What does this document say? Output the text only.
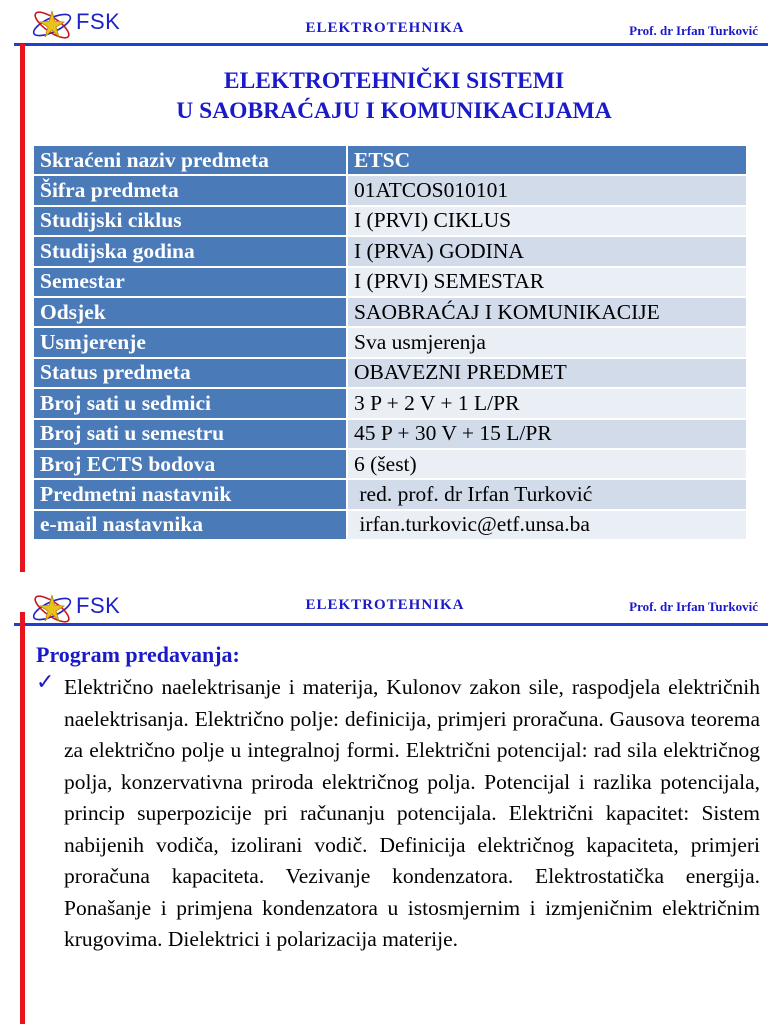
FSK	ELEKTROTEHNIKA	Prof. dr Irfan Turković
ELEKTROTEHNIČKI SISTEMI
U SAOBRAĆAJU I KOMUNIKACIJAMA
Skraćeni naziv predmeta	ETSC
Šifra predmeta	01ATCOS010101
Studijski ciklus	I (PRVI) CIKLUS
Studijska godina	I (PRVA) GODINA
Semestar	I (PRVI) SEMESTAR
Odsjek	SAOBRAĆAJ I KOMUNIKACIJE
Usmjerenje	Sva usmjerenja
Status predmeta	OBAVEZNI PREDMET
Broj sati u sedmici	3 P + 2 V + 1 L/PR
Broj sati u semestru	45 P + 30 V + 15 L/PR
Broj ECTS bodova	6 (šest)
Predmetni nastavnik	red. prof. dr Irfan Turković
e-mail nastavnika	irfan.turkovic@etf.unsa.ba
FSK	ELEKTROTEHNIKA	Prof. dr Irfan Turković
Program predavanja:
✓ Električno naelektrisanje i materija, Kulonov zakon sile, raspodjela električnih naelektrisanja. Električno polje: definicija, primjeri proračuna. Gausova teorema za električno polje u integralnoj formi. Električni potencijal: rad sila električnog polja, konzervativna priroda električnog polja. Potencijal i razlika potencijala, princip superpozicije pri računanju potencijala. Električni kapacitet: Sistem nabijenih vodiča, izolirani vodič. Definicija električnog kapaciteta, primjeri proračuna kapaciteta. Vezivanje kondenzatora. Elektrostatička energija. Ponašanje i primjena kondenzatora u istosmjernim i izmjeničnim električnim krugovima. Dielektrici i polarizacija materije.
